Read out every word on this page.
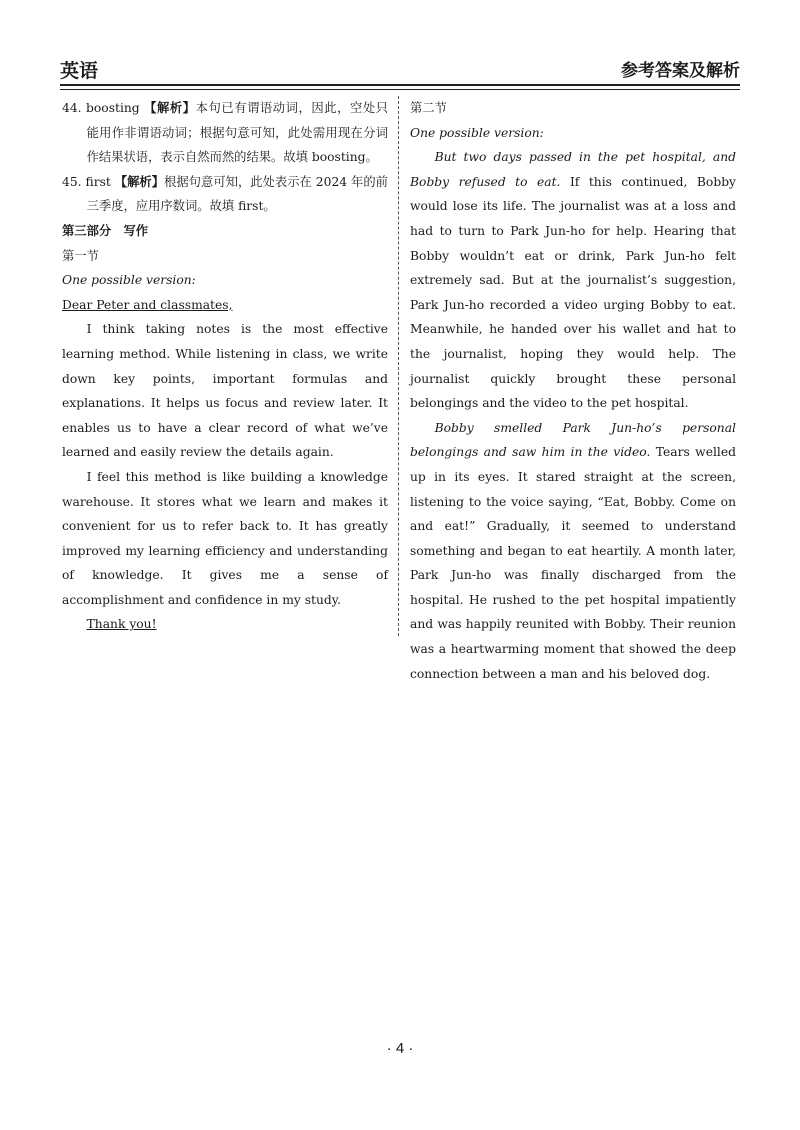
英语	参考答案及解析

44. boosting 【解析】本句已有谓语动词，因此，空处只能用作非谓语动词；根据句意可知，此处需用现在分词作结果状语，表示自然而然的结果。故填 boosting。

45. first 【解析】根据句意可知，此处表示在 2024 年的前三季度，应用序数词。故填 first。

第三部分　写作

第一节

One possible version:

Dear Peter and classmates,

I think taking notes is the most effective learning method. While listening in class, we write down key points, important formulas and explanations. It helps us focus and review later. It enables us to have a clear record of what we’ve learned and easily review the details again.

I feel this method is like building a knowledge warehouse. It stores what we learn and makes it convenient for us to refer back to. It has greatly improved my learning efficiency and understanding of knowledge. It gives me a sense of accomplishment and confidence in my study.

Thank you!

第二节

One possible version:

But two days passed in the pet hospital, and Bobby refused to eat. If this continued, Bobby would lose its life. The journalist was at a loss and had to turn to Park Jun-ho for help. Hearing that Bobby wouldn’t eat or drink, Park Jun-ho felt extremely sad. But at the journalist’s suggestion, Park Jun-ho recorded a video urging Bobby to eat. Meanwhile, he handed over his wallet and hat to the journalist, hoping they would help. The journalist quickly brought these personal belongings and the video to the pet hospital.

Bobby smelled Park Jun-ho’s personal belongings and saw him in the video. Tears welled up in its eyes. It stared straight at the screen, listening to the voice saying, “Eat, Bobby. Come on and eat!” Gradually, it seemed to understand something and began to eat heartily. A month later, Park Jun-ho was finally discharged from the hospital. He rushed to the pet hospital impatiently and was happily reunited with Bobby. Their reunion was a heartwarming moment that showed the deep connection between a man and his beloved dog.

· 4 ·
